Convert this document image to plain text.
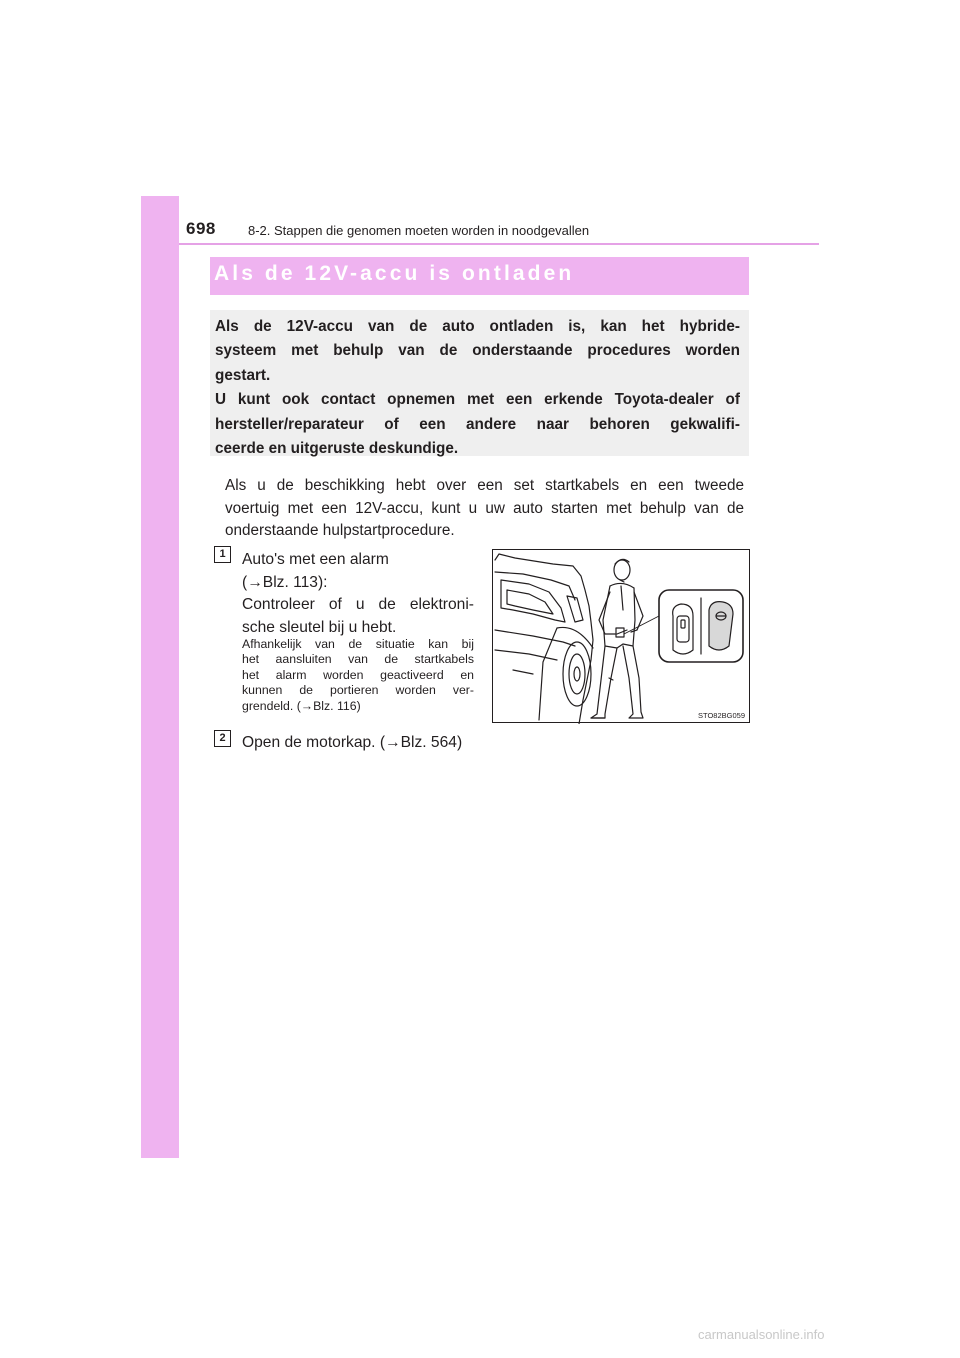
698 8-2. Stappen die genomen moeten worden in noodgevallen
Als de 12V-accu is ontladen
Als de 12V-accu van de auto ontladen is, kan het hybride-
systeem met behulp van de onderstaande procedures worden
gestart.
U kunt ook contact opnemen met een erkende Toyota-dealer of
hersteller/reparateur of een andere naar behoren gekwalifi-
ceerde en uitgeruste deskundige.
Als u de beschikking hebt over een set startkabels en een tweede
voertuig met een 12V-accu, kunt u uw auto starten met behulp van de
onderstaande hulpstartprocedure.
1	Auto's met een alarm
(→Blz. 113):
Controleer of u de elektroni-
sche sleutel bij u hebt.
Afhankelijk van de situatie kan bij
het aansluiten van de startkabels
het alarm worden geactiveerd en
kunnen de portieren worden ver-
grendeld. (→Blz. 116)
2	Open de motorkap. (→Blz. 564)
STO82BG059
carmanualsonline.info
